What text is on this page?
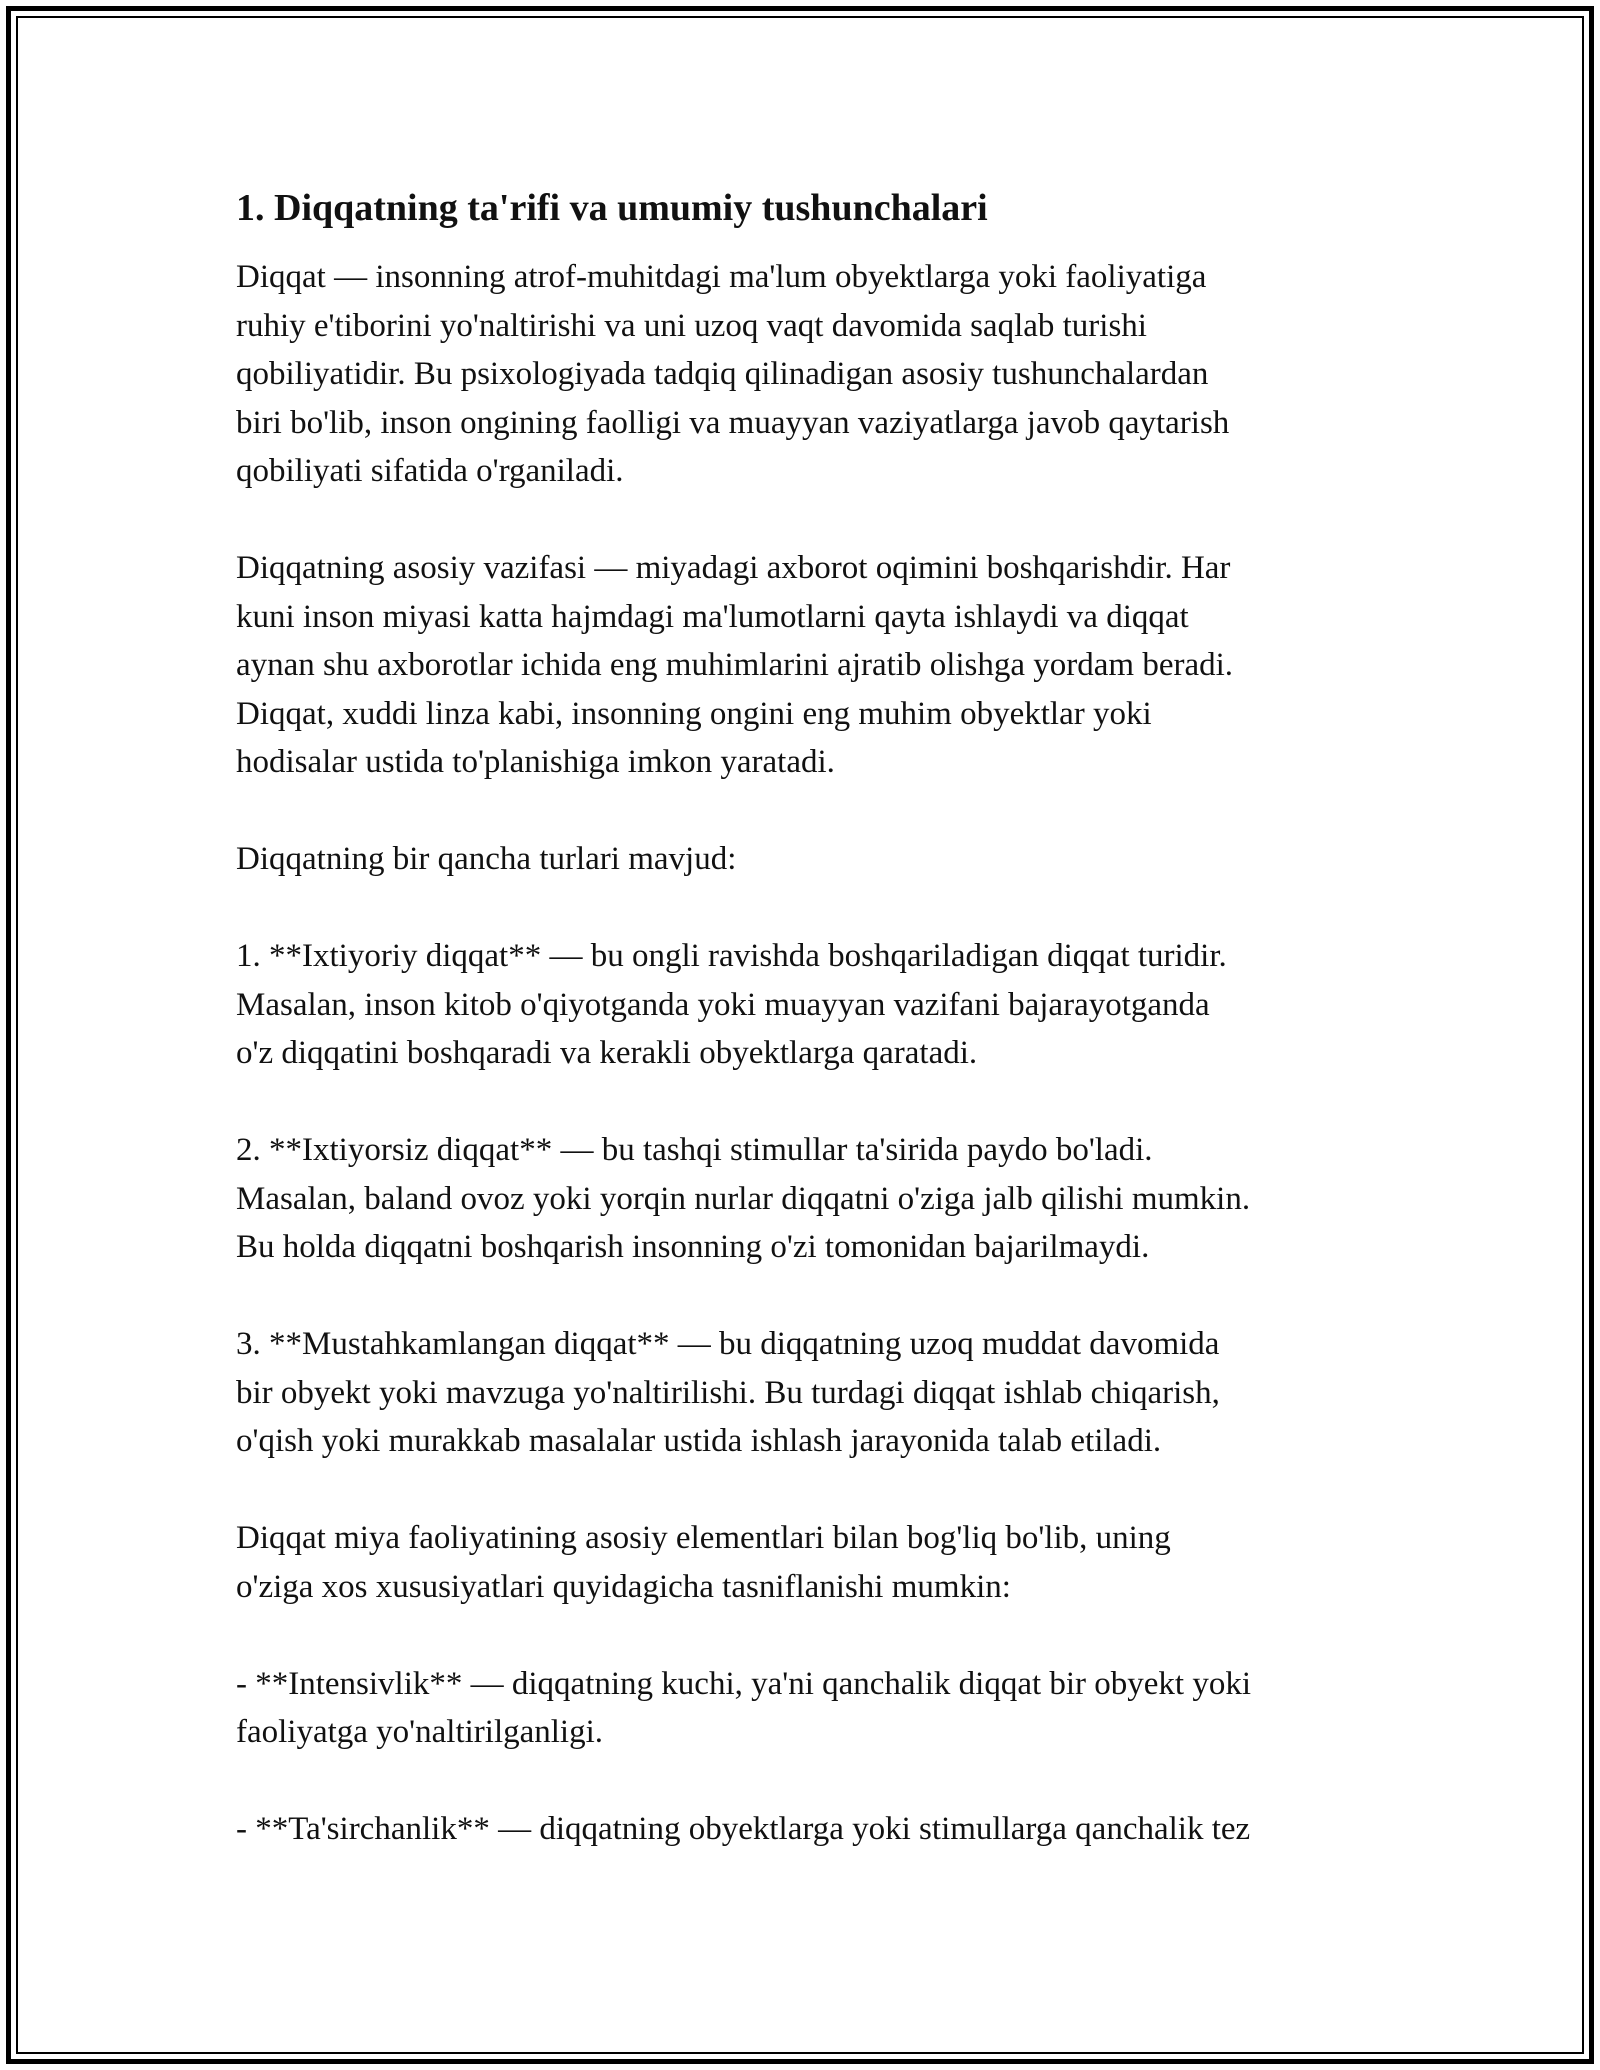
1. Diqqatning ta'rifi va umumiy tushunchalari
Diqqat — insonning atrof-muhitdagi ma'lum obyektlarga yoki faoliyatiga
ruhiy e'tiborini yo'naltirishi va uni uzoq vaqt davomida saqlab turishi
qobiliyatidir. Bu psixologiyada tadqiq qilinadigan asosiy tushunchalardan
biri bo'lib, inson ongining faolligi va muayyan vaziyatlarga javob qaytarish
qobiliyati sifatida o'rganiladi.
Diqqatning asosiy vazifasi — miyadagi axborot oqimini boshqarishdir. Har
kuni inson miyasi katta hajmdagi ma'lumotlarni qayta ishlaydi va diqqat
aynan shu axborotlar ichida eng muhimlarini ajratib olishga yordam beradi.
Diqqat, xuddi linza kabi, insonning ongini eng muhim obyektlar yoki
hodisalar ustida to'planishiga imkon yaratadi.
Diqqatning bir qancha turlari mavjud:
1. **Ixtiyoriy diqqat** — bu ongli ravishda boshqariladigan diqqat turidir.
Masalan, inson kitob o'qiyotganda yoki muayyan vazifani bajarayotganda
o'z diqqatini boshqaradi va kerakli obyektlarga qaratadi.
2. **Ixtiyorsiz diqqat** — bu tashqi stimullar ta'sirida paydo bo'ladi.
Masalan, baland ovoz yoki yorqin nurlar diqqatni o'ziga jalb qilishi mumkin.
Bu holda diqqatni boshqarish insonning o'zi tomonidan bajarilmaydi.
3. **Mustahkamlangan diqqat** — bu diqqatning uzoq muddat davomida
bir obyekt yoki mavzuga yo'naltirilishi. Bu turdagi diqqat ishlab chiqarish,
o'qish yoki murakkab masalalar ustida ishlash jarayonida talab etiladi.
Diqqat miya faoliyatining asosiy elementlari bilan bog'liq bo'lib, uning
o'ziga xos xususiyatlari quyidagicha tasniflanishi mumkin:
- **Intensivlik** — diqqatning kuchi, ya'ni qanchalik diqqat bir obyekt yoki
faoliyatga yo'naltirilganligi.
- **Ta'sirchanlik** — diqqatning obyektlarga yoki stimullarga qanchalik tez
